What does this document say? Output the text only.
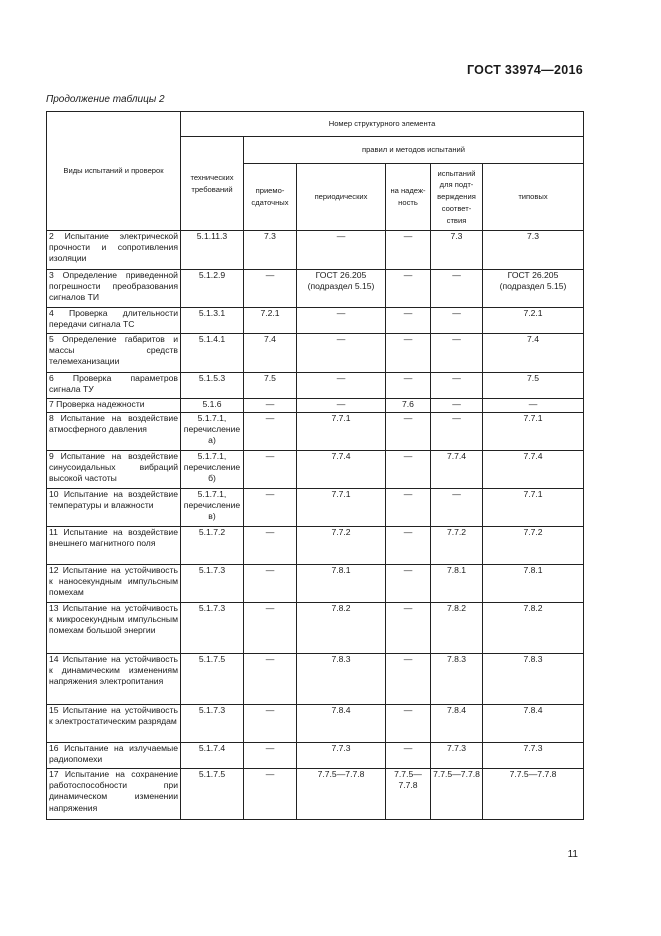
ГОСТ 33974—2016
Продолжение таблицы 2
Виды испытаний и проверок	Номер структурного элемента					
	технических требований	правил и методов испытаний				
		приемо-сдаточных	периодических	на надеж-ность	испытаний для подт-верждения соответ-ствия	типовых
2 Испытание электрической прочности и сопротивления изоляции	5.1.11.3	7.3	—	—	7.3	7.3
3 Определение приведенной погрешности преобразования сигналов ТИ	5.1.2.9	—	ГОСТ 26.205 (подраздел 5.15)	—	—	ГОСТ 26.205 (подраздел 5.15)
4 Проверка длительности передачи сигнала ТС	5.1.3.1	7.2.1	—	—	—	7.2.1
5 Определение габаритов и массы средств телемеханизации	5.1.4.1	7.4	—	—	—	7.4
6 Проверка параметров сигнала ТУ	5.1.5.3	7.5	—	—	—	7.5
7 Проверка надежности	5.1.6	—	—	7.6	—	—
8 Испытание на воздействие атмосферного давления	5.1.7.1, перечисление а)	—	7.7.1	—	—	7.7.1
9 Испытание на воздействие синусоидальных вибраций высокой частоты	5.1.7.1, перечисление б)	—	7.7.4	—	7.7.4	7.7.4
10 Испытание на воздействие температуры и влажности	5.1.7.1, перечисление в)	—	7.7.1	—	—	7.7.1
11 Испытание на воздействие внешнего магнитного поля	5.1.7.2	—	7.7.2	—	7.7.2	7.7.2
12 Испытание на устойчивость к наносекундным импульсным помехам	5.1.7.3	—	7.8.1	—	7.8.1	7.8.1
13 Испытание на устойчивость к микросекундным импульсным помехам большой энергии	5.1.7.3	—	7.8.2	—	7.8.2	7.8.2
14 Испытание на устойчивость к динамическим изменениям напряжения электропитания	5.1.7.5	—	7.8.3	—	7.8.3	7.8.3
15 Испытание на устойчивость к электростатическим разрядам	5.1.7.3	—	7.8.4	—	7.8.4	7.8.4
16 Испытание на излучаемые радиопомехи	5.1.7.4	—	7.7.3	—	7.7.3	7.7.3
17 Испытание на сохранение работоспособности при динамическом изменении напряжения	5.1.7.5	—	7.7.5—7.7.8	7.7.5—7.7.8	7.7.5—7.7.8	7.7.5—7.7.8
11
